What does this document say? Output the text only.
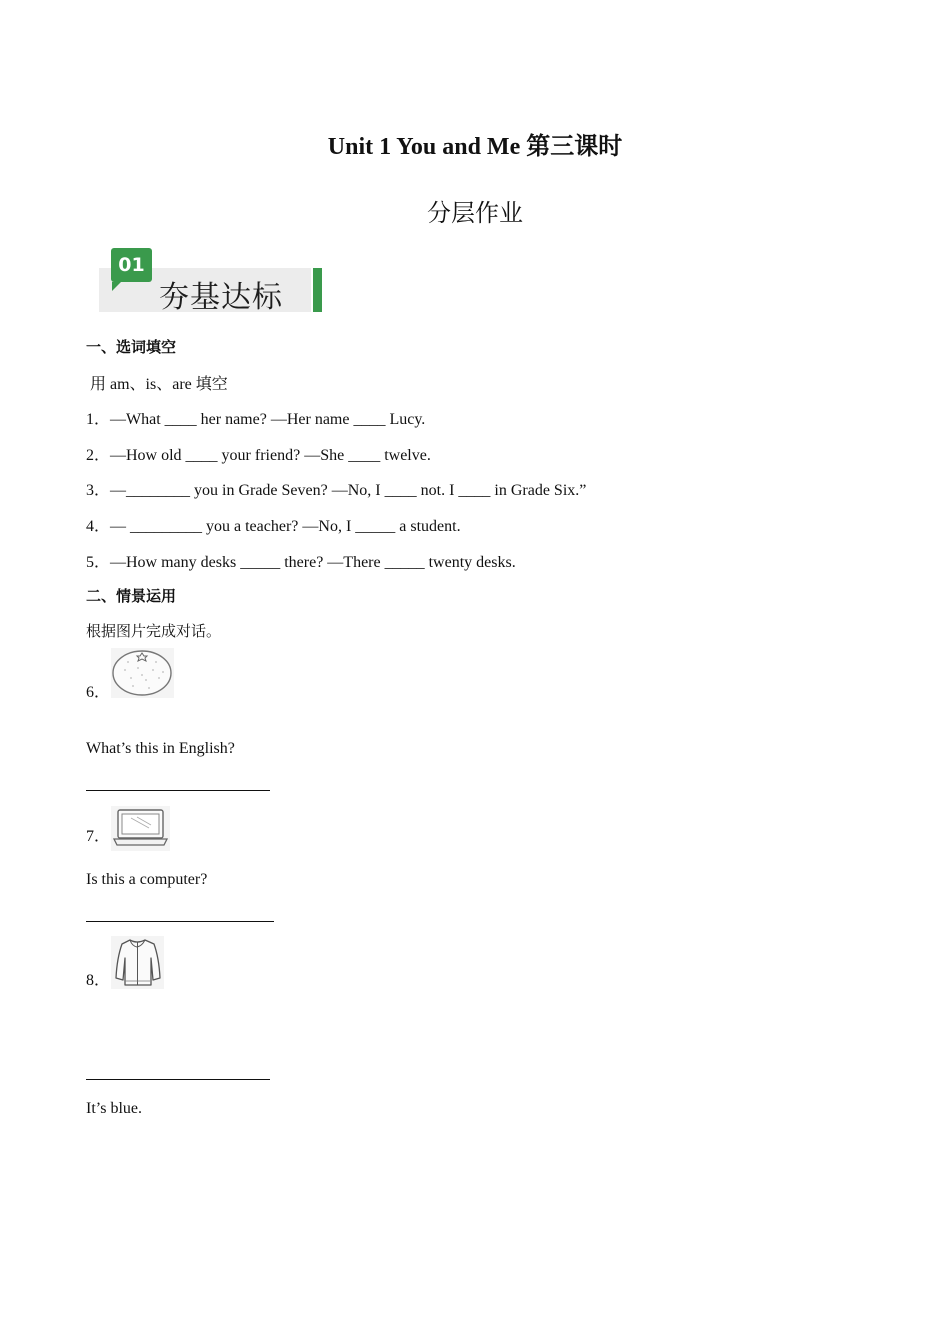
Unit 1 You and Me 第三课时
分层作业
01
夯基达标
一、选词填空
用 am、is、are 填空
1．—What ____ her name? —Her name ____ Lucy.
2．—How old ____ your friend? —She ____ twelve.
3．—________ you in Grade Seven? —No, I ____ not. I ____ in Grade Six.”
4．— _________ you a teacher? —No, I _____ a student.
5．—How many desks _____ there? —There _____ twenty desks.
二、情景运用
根据图片完成对话。
6．
What’s this in English?
7．
Is this a computer?
8．
It’s blue.
